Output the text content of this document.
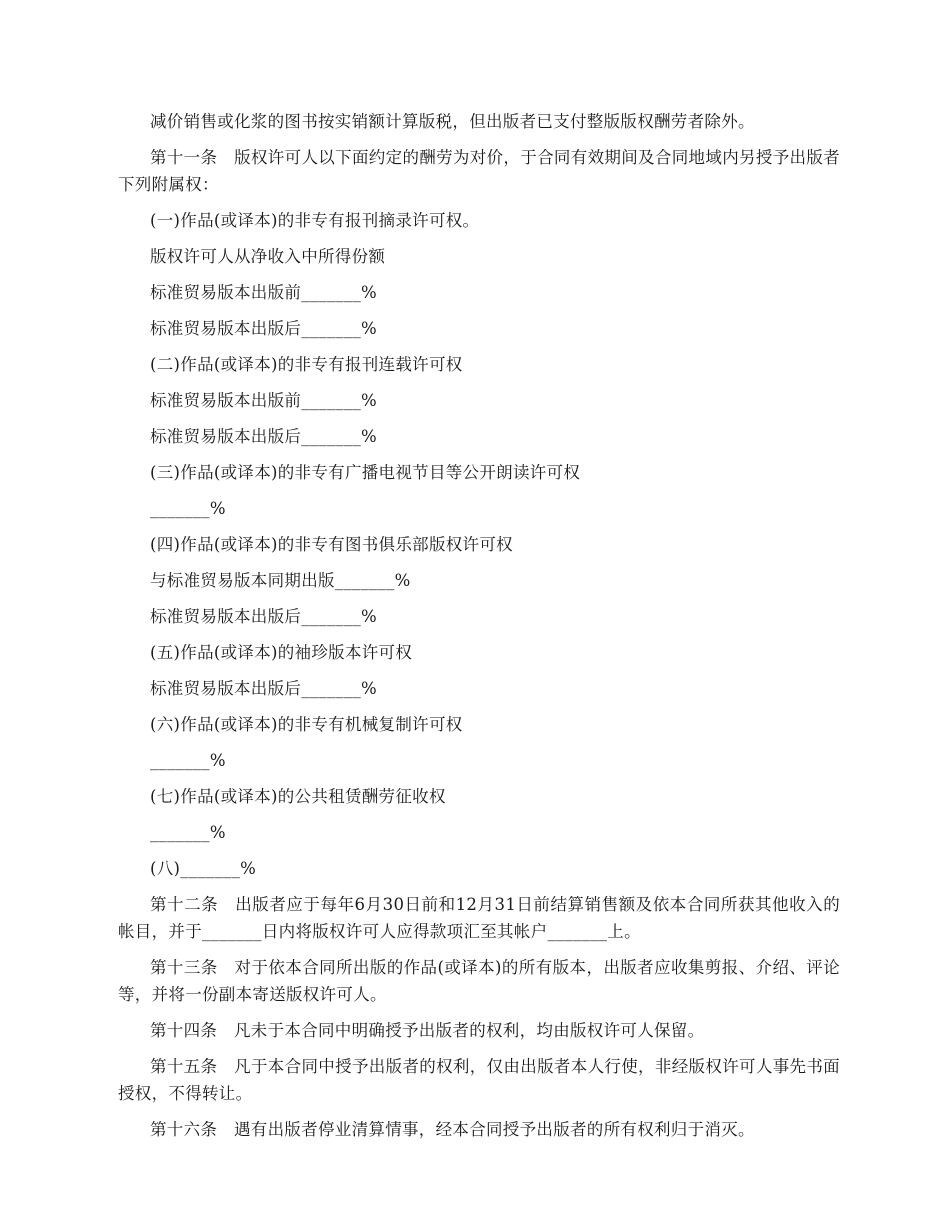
减价销售或化浆的图书按实销额计算版税，但出版者已支付整版版权酬劳者除外。

第十一条　版权许可人以下面约定的酬劳为对价，于合同有效期间及合同地域内另授予出版者下列附属权：

(一)作品(或译本)的非专有报刊摘录许可权。

版权许可人从净收入中所得份额

标准贸易版本出版前_______%

标准贸易版本出版后_______%

(二)作品(或译本)的非专有报刊连载许可权

标准贸易版本出版前_______%

标准贸易版本出版后_______%

(三)作品(或译本)的非专有广播电视节目等公开朗读许可权

_______%

(四)作品(或译本)的非专有图书俱乐部版权许可权

与标准贸易版本同期出版_______%

标准贸易版本出版后_______%

(五)作品(或译本)的袖珍版本许可权

标准贸易版本出版后_______%

(六)作品(或译本)的非专有机械复制许可权

_______%

(七)作品(或译本)的公共租赁酬劳征收权

_______%

(八)_______%

第十二条　出版者应于每年6月30日前和12月31日前结算销售额及依本合同所获其他收入的帐目，并于_______日内将版权许可人应得款项汇至其帐户_______上。

第十三条　对于依本合同所出版的作品(或译本)的所有版本，出版者应收集剪报、介绍、评论等，并将一份副本寄送版权许可人。

第十四条　凡未于本合同中明确授予出版者的权利，均由版权许可人保留。

第十五条　凡于本合同中授予出版者的权利，仅由出版者本人行使，非经版权许可人事先书面授权，不得转让。

第十六条　遇有出版者停业清算情事，经本合同授予出版者的所有权利归于消灭。
